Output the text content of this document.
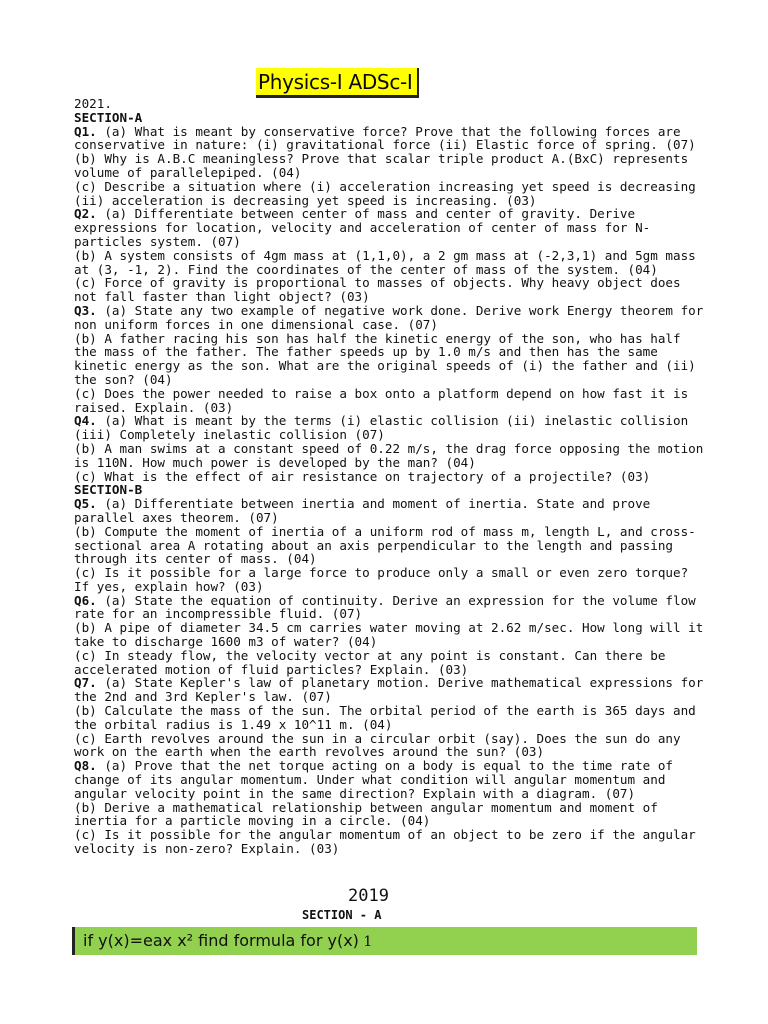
Physics-I ADSc-I

2021.

SECTION-A

Q1. (a) What is meant by conservative force? Prove that the following forces are conservative in nature: (i) gravitational force (ii) Elastic force of spring. (07)

(b) Why is A.B.C meaningless? Prove that scalar triple product A.(BxC) represents volume of parallelepiped. (04)

(c) Describe a situation where (i) acceleration increasing yet speed is decreasing (ii) acceleration is decreasing yet speed is increasing. (03)

Q2. (a) Differentiate between center of mass and center of gravity. Derive expressions for location, velocity and acceleration of center of mass for N-particles system. (07)

(b) A system consists of 4gm mass at (1,1,0), a 2 gm mass at (-2,3,1) and 5gm mass at (3, -1, 2). Find the coordinates of the center of mass of the system. (04)

(c) Force of gravity is proportional to masses of objects. Why heavy object does not fall faster than light object? (03)

Q3. (a) State any two example of negative work done. Derive work Energy theorem for non uniform forces in one dimensional case. (07)

(b) A father racing his son has half the kinetic energy of the son, who has half the mass of the father. The father speeds up by 1.0 m/s and then has the same kinetic energy as the son. What are the original speeds of (i) the father and (ii) the son? (04)

(c) Does the power needed to raise a box onto a platform depend on how fast it is raised. Explain. (03)

Q4. (a) What is meant by the terms (i) elastic collision (ii) inelastic collision (iii) Completely inelastic collision (07)

(b) A man swims at a constant speed of 0.22 m/s, the drag force opposing the motion is 110N. How much power is developed by the man? (04)

(c) What is the effect of air resistance on trajectory of a projectile? (03)

SECTION-B

Q5. (a) Differentiate between inertia and moment of inertia. State and prove parallel axes theorem. (07)

(b) Compute the moment of inertia of a uniform rod of mass m, length L, and cross-sectional area A rotating about an axis perpendicular to the length and passing through its center of mass. (04)

(c) Is it possible for a large force to produce only a small or even zero torque? If yes, explain how? (03)

Q6. (a) State the equation of continuity. Derive an expression for the volume flow rate for an incompressible fluid. (07)

(b) A pipe of diameter 34.5 cm carries water moving at 2.62 m/sec. How long will it take to discharge 1600 m3 of water? (04)

(c) In steady flow, the velocity vector at any point is constant. Can there be accelerated motion of fluid particles? Explain. (03)

Q7. (a) State Kepler's law of planetary motion. Derive mathematical expressions for the 2nd and 3rd Kepler's law. (07)

(b) Calculate the mass of the sun. The orbital period of the earth is 365 days and the orbital radius is 1.49 x 10^11 m. (04)

(c) Earth revolves around the sun in a circular orbit (say). Does the sun do any work on the earth when the earth revolves around the sun? (03)

Q8. (a) Prove that the net torque acting on a body is equal to the time rate of change of its angular momentum. Under what condition will angular momentum and angular velocity point in the same direction? Explain with a diagram. (07)

(b) Derive a mathematical relationship between angular momentum and moment of inertia for a particle moving in a circle. (04)

(c) Is it possible for the angular momentum of an object to be zero if the angular velocity is non-zero? Explain. (03)

2019
SECTION - A
if y(x)=eax x² find formula for y(x) 1
